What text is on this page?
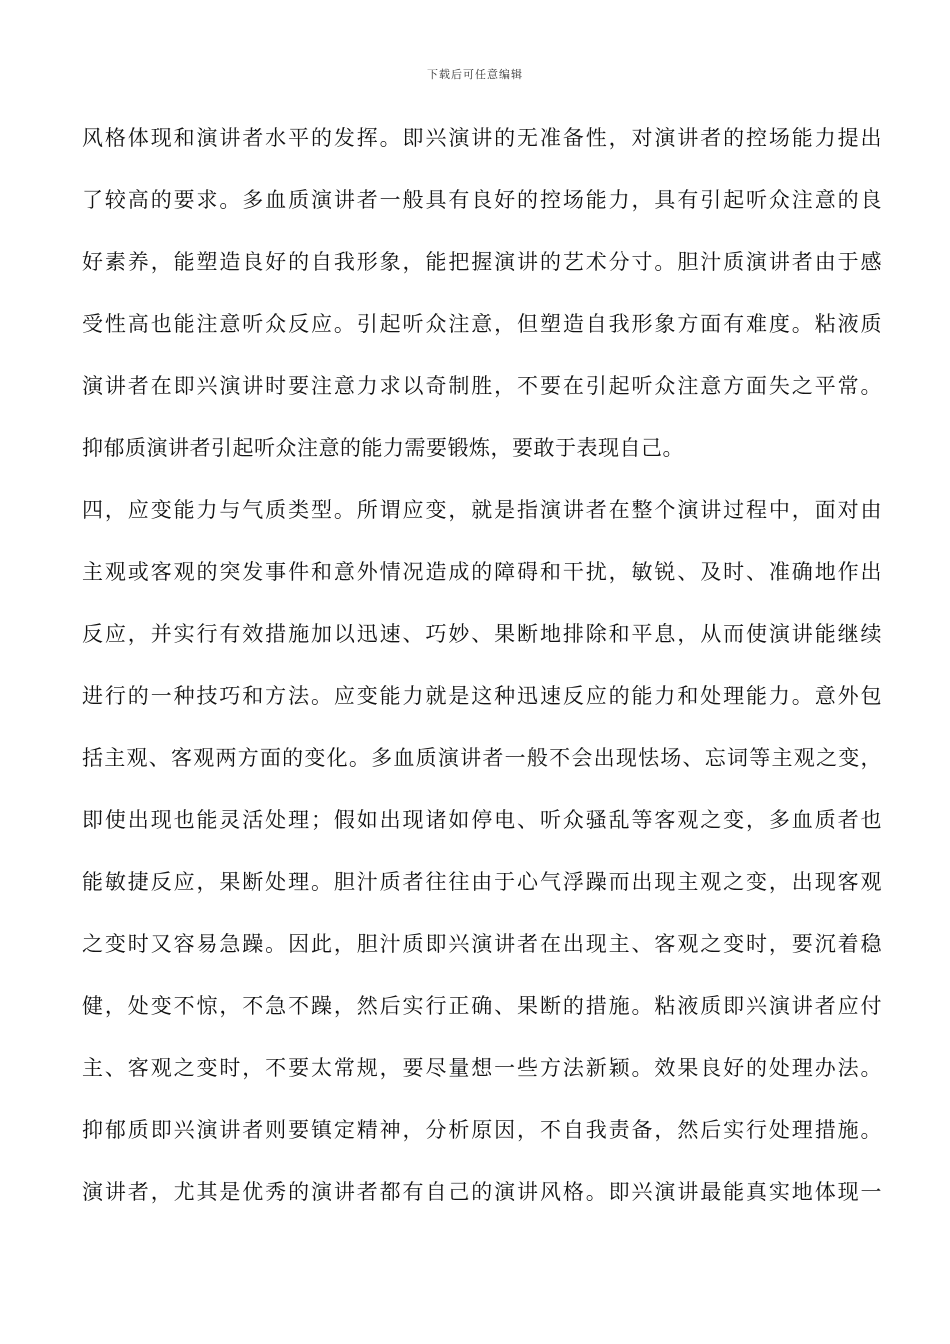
下载后可任意编辑
风格体现和演讲者水平的发挥。即兴演讲的无准备性，对演讲者的控场能力提出
了较高的要求。多血质演讲者一般具有良好的控场能力，具有引起听众注意的良
好素养，能塑造良好的自我形象，能把握演讲的艺术分寸。胆汁质演讲者由于感
受性高也能注意听众反应。引起听众注意，但塑造自我形象方面有难度。粘液质
演讲者在即兴演讲时要注意力求以奇制胜，不要在引起听众注意方面失之平常。
抑郁质演讲者引起听众注意的能力需要锻炼，要敢于表现自己。
四，应变能力与气质类型。所谓应变，就是指演讲者在整个演讲过程中，面对由
主观或客观的突发事件和意外情况造成的障碍和干扰，敏锐、及时、准确地作出
反应，并实行有效措施加以迅速、巧妙、果断地排除和平息，从而使演讲能继续
进行的一种技巧和方法。应变能力就是这种迅速反应的能力和处理能力。意外包
括主观、客观两方面的变化。多血质演讲者一般不会出现怯场、忘词等主观之变，
即使出现也能灵活处理；假如出现诸如停电、听众骚乱等客观之变，多血质者也
能敏捷反应，果断处理。胆汁质者往往由于心气浮躁而出现主观之变，出现客观
之变时又容易急躁。因此，胆汁质即兴演讲者在出现主、客观之变时，要沉着稳
健，处变不惊，不急不躁，然后实行正确、果断的措施。粘液质即兴演讲者应付
主、客观之变时，不要太常规，要尽量想一些方法新颖。效果良好的处理办法。
抑郁质即兴演讲者则要镇定精神，分析原因，不自我责备，然后实行处理措施。
演讲者，尤其是优秀的演讲者都有自己的演讲风格。即兴演讲最能真实地体现一
